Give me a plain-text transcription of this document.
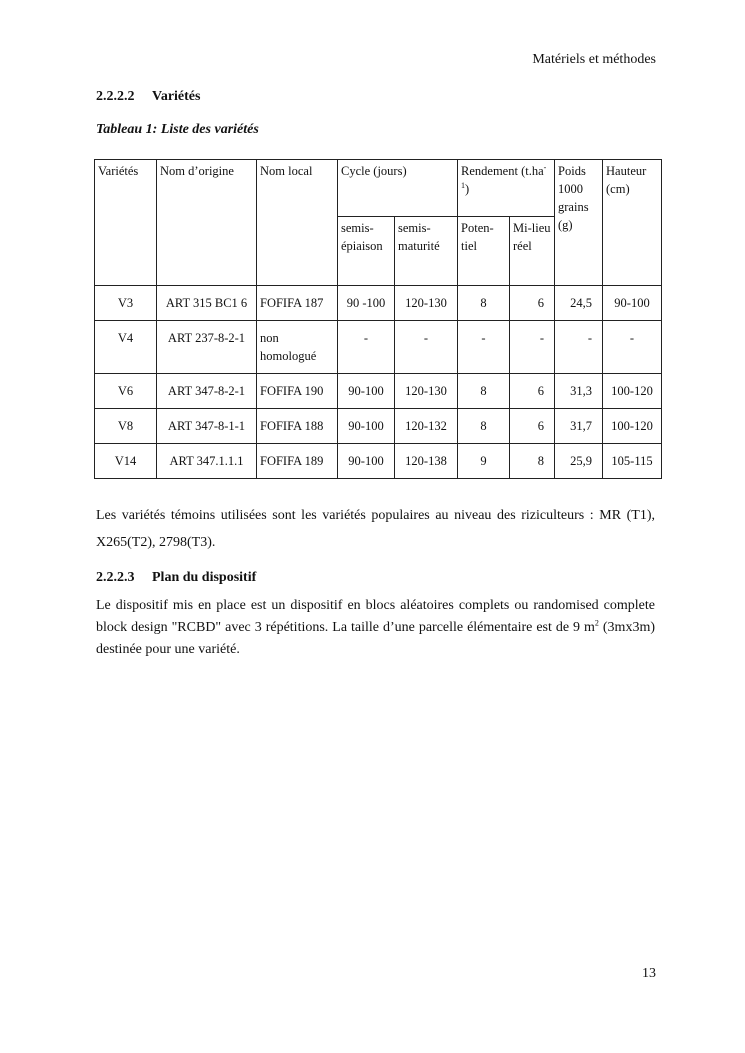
Matériels et méthodes
2.2.2.2 Variétés
Tableau 1: Liste des variétés
Variétés	Nom d’origine	Nom local	Cycle (jours)		Rendement $(t.ha^{-1})$		Poids 1000 grains (g)	Hauteur (cm)
			semis-épiaison	semis-maturité	Poten-tiel	Mi-lieu réel		
V3	ART 315 BC1 6	FOFIFA 187	90 -100	120-130	8	6	24,5	90-100
V4	ART 237-8-2-1	non homologué	-	-	-	-	-	-
V6	ART 347-8-2-1	FOFIFA 190	90-100	120-130	8	6	31,3	100-120
V8	ART 347-8-1-1	FOFIFA 188	90-100	120-132	8	6	31,7	100-120
V14	ART 347.1.1.1	FOFIFA 189	90-100	120-138	9	8	25,9	105-115
Les variétés témoins utilisées sont les variétés populaires au niveau des riziculteurs : MR (T1), X265(T2), 2798(T3).
2.2.2.3 Plan du dispositif
Le dispositif mis en place est un dispositif en blocs aléatoires complets ou randomised complete block design "RCBD" avec 3 répétitions. La taille d’une parcelle élémentaire est de 9 $m^2$ (3mx3m) destinée pour une variété.
13
